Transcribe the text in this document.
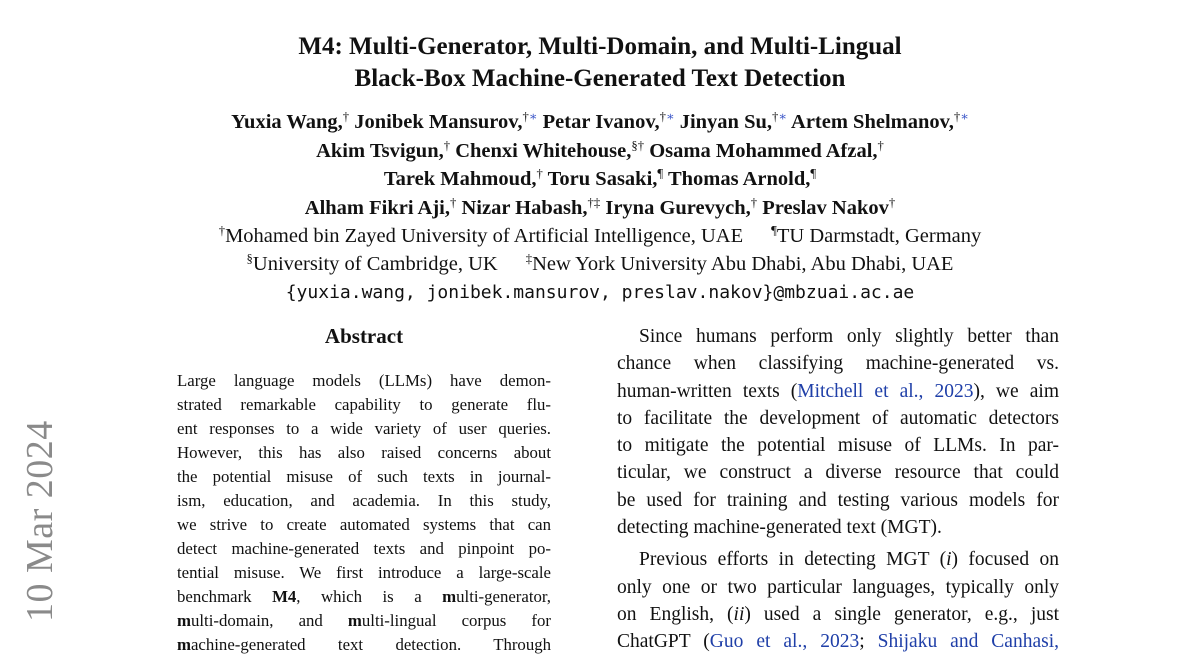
M4: Multi-Generator, Multi-Domain, and Multi-Lingual
Black-Box Machine-Generated Text Detection
Yuxia Wang,† Jonibek Mansurov,†∗ Petar Ivanov,†∗ Jinyan Su,†∗ Artem Shelmanov,†∗
Akim Tsvigun,† Chenxi Whitehouse,§† Osama Mohammed Afzal,†
Tarek Mahmoud,† Toru Sasaki,¶ Thomas Arnold,¶
Alham Fikri Aji,† Nizar Habash,†‡ Iryna Gurevych,† Preslav Nakov†
†Mohamed bin Zayed University of Artificial Intelligence, UAE ¶TU Darmstadt, Germany
§University of Cambridge, UK ‡New York University Abu Dhabi, Abu Dhabi, UAE
{yuxia.wang, jonibek.mansurov, preslav.nakov}@mbzuai.ac.ae
10 Mar 2024
Abstract
Large language models (LLMs) have demon-
strated remarkable capability to generate flu-
ent responses to a wide variety of user queries.
However, this has also raised concerns about
the potential misuse of such texts in journal-
ism, education, and academia. In this study,
we strive to create automated systems that can
detect machine-generated texts and pinpoint po-
tential misuse. We first introduce a large-scale
benchmark M4, which is a multi-generator,
multi-domain, and multi-lingual corpus for
machine-generated text detection. Through
Since humans perform only slightly better than
chance when classifying machine-generated vs.
human-written texts (Mitchell et al., 2023), we aim
to facilitate the development of automatic detectors
to mitigate the potential misuse of LLMs. In par-
ticular, we construct a diverse resource that could
be used for training and testing various models for
detecting machine-generated text (MGT).
Previous efforts in detecting MGT (i) focused on
only one or two particular languages, typically only
on English, (ii) used a single generator, e.g., just
ChatGPT (Guo et al., 2023; Shijaku and Canhasi,
